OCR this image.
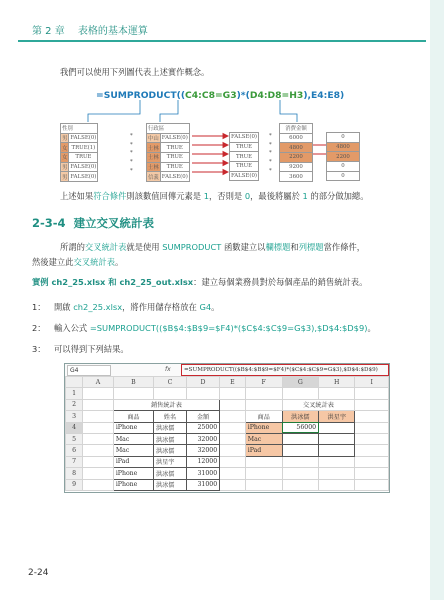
第 2 章 表格的基本運算
我們可以使用下列圖代表上述實作概念。
=SUMPRODUCT((C4:C8=G3)*(D4:D8=H3),E4:E8)
性別	
男	FALSE(0)
女	TRUE(1)
女	TRUE
男	FALSE(0)
男	FALSE(0)
*
*
*
*
*
行政區	
中山	FALSE(0)
士林	TRUE
士林	TRUE
士林	TRUE
信義	FALSE(0)
FALSE(0)
TRUE
TRUE
TRUE
FALSE(0)
*
*
*
*
*
消費金額
6000
4800
2200
9200
3600
0
4800
2200
0
0
上述如果符合條件則該數值回傳元素是 1，否則是 0，最後將屬於 1 的部分做加總。
2-3-4 建立交叉統計表
所謂的交叉統計表就是使用 SUMPRODUCT 函數建立以欄標題和列標題當作條件，
然後建立此交叉統計表。
實例 ch2_25.xlsx 和 ch2_25_out.xlsx：建立每個業務員對於每個產品的銷售統計表。
1： 開啟 ch2_25.xlsx，將作用儲存格放在 G4。
2： 輸入公式 =SUMPRODUCT(($B$4:$B$9=$F4)*($C$4:$C$9=G$3),$D$4:$D$9)。
3： 可以得到下列結果。
G4	fx	=SUMPRODUCT(($B$4:$B$9=$F4)*($C$4:$C$9=G$3),$D$4:$D$9)
	A	B	C	D	E	F	G	H	I
1									
2		銷售統計表					交叉統計表		
3		商品	姓名	金額		商品	洪冰儒	洪星宇	
4		iPhone	洪冰儒	25000		iPhone	56000		
5		Mac	洪冰儒	32000		Mac			
6		Mac	洪冰儒	32000		iPad			
7		iPad	洪星宇	12000					
8		iPhone	洪冰儒	31000					
9		iPhone	洪冰儒	31000					
2-24
